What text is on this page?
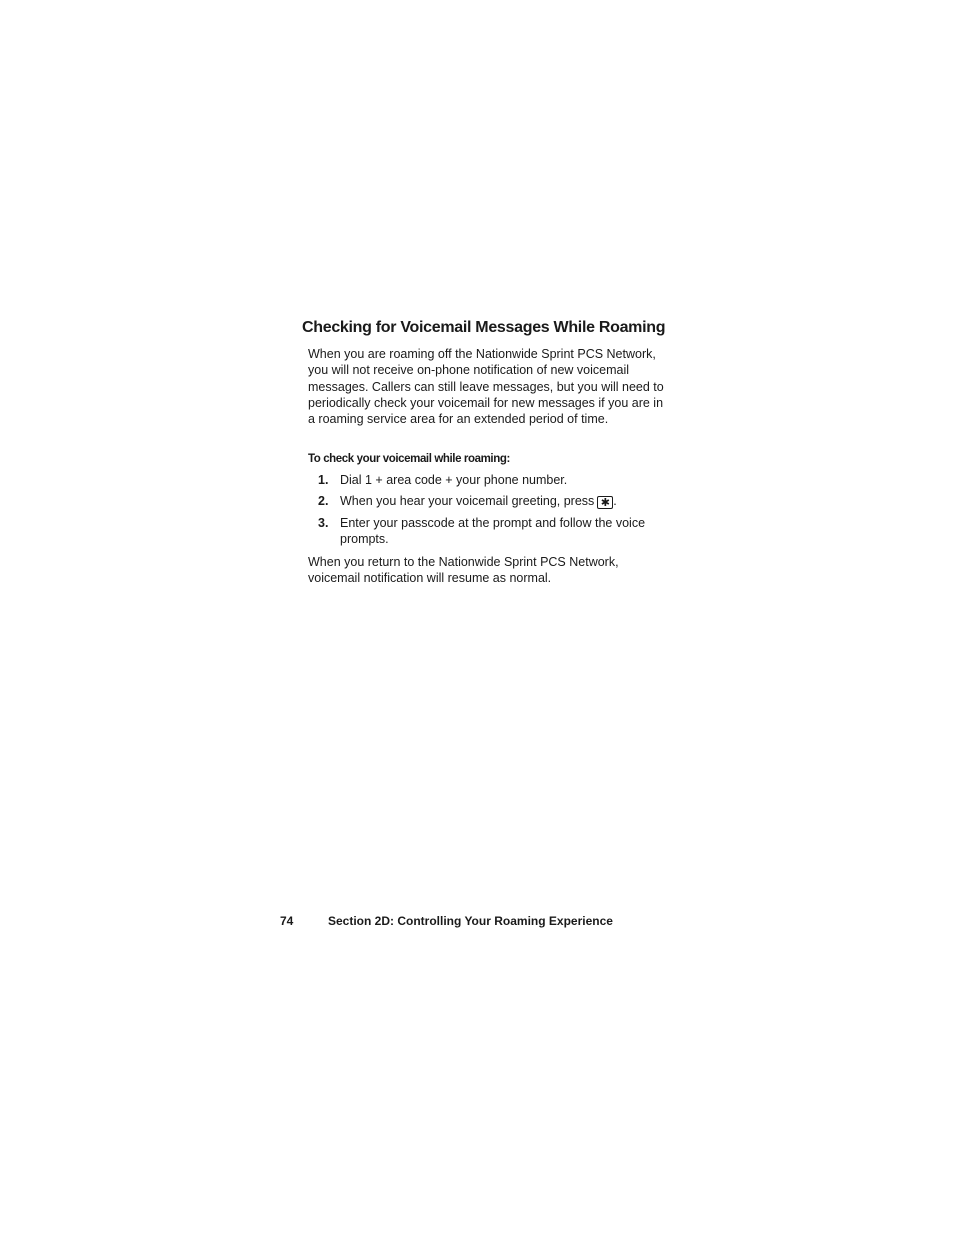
Checking for Voicemail Messages While Roaming

When you are roaming off the Nationwide Sprint PCS Network, you will not receive on-phone notification of new voicemail messages. Callers can still leave messages, but you will need to periodically check your voicemail for new messages if you are in a roaming service area for an extended period of time.

To check your voicemail while roaming:

1. Dial 1 + area code + your phone number.
2. When you hear your voicemail greeting, press ✱ .
3. Enter your passcode at the prompt and follow the voice prompts.

When you return to the Nationwide Sprint PCS Network, voicemail notification will resume as normal.

74	Section 2D: Controlling Your Roaming Experience
